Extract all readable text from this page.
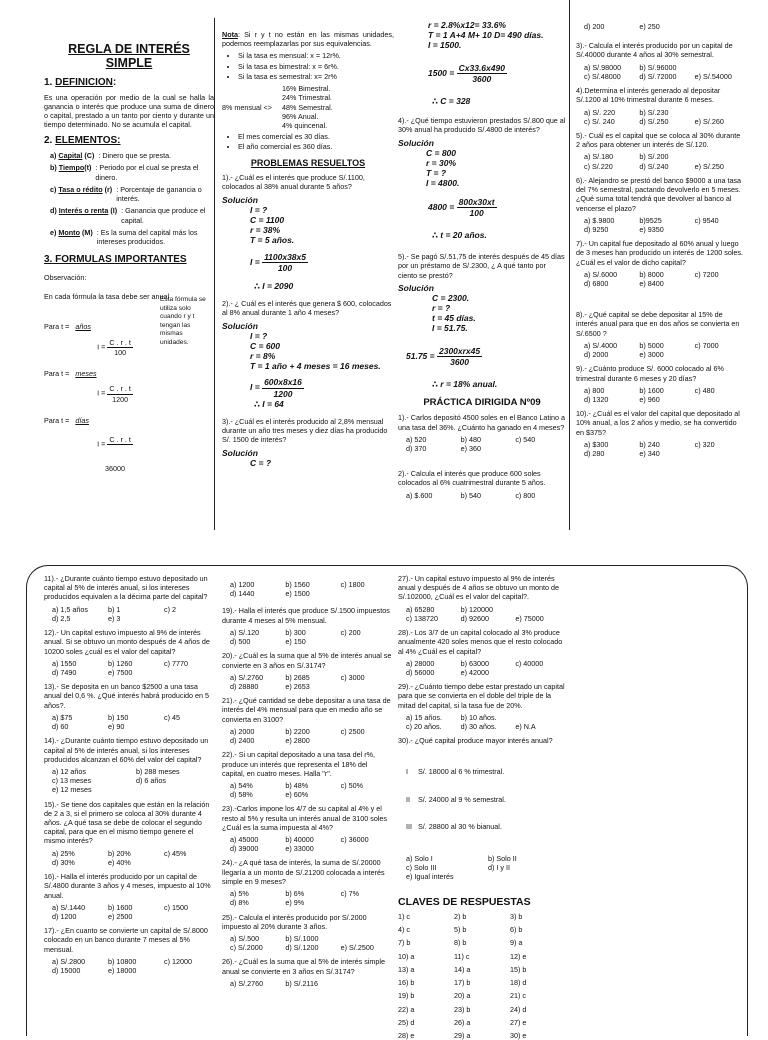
REGLA DE INTERÉS
SIMPLE
1. DEFINICION:

Es una operación por medio de la cual se halla la ganancia o interés que produce una suma de dinero o capital, prestado a un tanto por ciento y durante un tiempo determinado. No se acumula el capital.

2. ELEMENTOS:
a) Capital (C) : Dinero que se presta.
b) Tiempo(t) : Periodo por el cual se presta el dinero.
c) Tasa o rédito (r) : Porcentaje de ganancia o interés.
d) Interés o renta (I) : Ganancia que produce el capital.
e) Monto (M) : Es la suma del capital más los intereses producidos.
3. FORMULAS IMPORTANTES

Observación:

En cada fórmula la tasa debe ser anual

Para t = años
$I = \frac{C . r . t}{100}$
Para t = meses
$I = \frac{C . r . t}{1200}$
Para t = días
I =
C . r . t
36000
Esta fórmula se utiliza solo cuando r y t tengan las mismas unidades.

Nota: Si r y t no están en las mismas unidades, podemos reemplazarlas por sus equivalencias.

• Si la tasa es mensual: x = 12r%.
• Si la tasa es bimestral: x = 6r%.
• Si la tasa es semestral: x= 2r%
8% mensual <>
16% Bimestral.
24% Trimestral.
48% Semestral.
96% Anual.
4% quincenal.
• El mes comercial es 30 días.
• El año comercial es 360 días.
PROBLEMAS RESUELTOS

1).- ¿Cuál es el interés que produce S/.1100, colocados al 38% anual durante 5 años?

Solución
I = ?
C = 1100
r = 38%
T = 5 años.
$I = \frac{1100x38x5}{100}$
∴ I = 2090

2).- ¿ Cuál es el interés que genera $ 600, colocados al 8% anual durante 1 año 4 meses?

Solución
I = ?
C = 600
r = 8%
T = 1 año + 4 meses = 16 meses.
$I = \frac{600x8x16}{1200}$
∴ I = 64

3).- ¿Cuál es el interés producido al 2,8% mensual durante un año tres meses y diez días ha producido S/. 1500 de interés?

Solución
C = ?
r = 2.8%x12= 33.6%
T = 1 A+4 M+ 10 D= 490 días.
I = 1500.
$1500 = \frac{Cx33.6x490}{3600}$
∴ C = 328

4).- ¿Qué tiempo estuvieron prestados S/.800 que al 30% anual ha producido S/.4800 de interés?

Solución
C = 800
r = 30%
T = ?
I = 4800.
$4800 = \frac{800x30xt}{100}$
∴ t = 20 años.

5).- Se pagó S/.51,75 de interés después de 45 días por un préstamo de S/.2300, ¿ A qué tanto por ciento se prestó?

Solución
C = 2300.
r = ?
t = 45 días.
I = 51.75.
$51.75 = \frac{\text{2300xrx45}}{3600}$
∴ r = 18% anual.
PRÁCTICA DIRIGIDA Nº09

1).- Carlos depositó 4500 soles en el Banco Latino a una tasa del 36%. ¿Cuánto ha ganado en 4 meses?

a) 520	b) 480	c) 540
d) 370	e) 360

2).- Calcula el interés que produce 600 soles colocados al 6% cuatrimestral durante 5 años.

a) $.600	b) 540	c) 800
d) 200	e) 250

3).- Calcula el interés producido por un capital de S/.40000 durante 4 años al 30% semestral.

a) S/.98000	b) S/.96000
c) S/.48000	d) S/.72000	e) S/.54000

4).Determina el interés generado al depositar S/.1200 al 10% trimestral durante 6 meses.

a) S/. 220	b) S/.230
c) S/. 240	d) S/.250	e) S/.260

5).- Cuál es el capital que se coloca al 30% durante 2 años para obtener un interés de S/.120.

a) S/.180	b) S/.200
c) S/.220	d) S/.240	e) S/.250

6).- Alejandro se prestó del banco $9000 a una tasa del 7% semestral, pactando devolverlo en 5 meses. ¿Qué suma total tendrá que devolver al banco al vencerse el plazo?

a) $.9800	b)9525	c) 9540
d) 9250	e) 9350

7).- Un capital fue depositado al 60% anual y luego de 3 meses han producido un interés de 1200 soles. ¿Cuál es el valor de dicho capital?

a) S/.6000	b) 8000	c) 7200
d) 6800	e) 8400

8).- ¿Qué capital se debe depositar al 15% de interés anual para que en dos años se convierta en S/.6500 ?

a) S/.4000	b) 5000	c) 7000
d) 2000	e) 3000

9).- ¿Cuánto produce S/. 6000 colocado al 6% trimestral durante 6 meses y 20 días?

a) 800	b) 1600	c) 480
d) 1320	e) 960

10).- ¿Cuál es el valor del capital que depositado al 10% anual, a los 2 años y medio, se ha convertido en $375?

a) $300	b) 240	c) 320
d) 280	e) 340

11).- ¿Durante cuánto tiempo estuvo depositado un capital al 5% de interés anual, si los intereses producidos equivalen a la décima parte del capital?

a) 1,5 años	b) 1	c) 2
d) 2,5	e) 3

12).- Un capital estuvo impuesto al 9% de interés anual. Si se obtuvo un monto después de 4 años de 10200 soles ¿cuál es el valor del capital?

a) 1550	b) 1260	c) 7770
d) 7490	e) 7500

13).- Se deposita en un banco $2500 a una tasa anual del 0,6 %. ¿Qué interés habrá producido en 5 años?.

a) $75	b) 150	c) 45
d) 60	e) 90

14).- ¿Durante cuánto tiempo estuvo depositado un capital al 5% de interés anual, si los intereses producidos alcanzan el 60% del valor del capital?

a) 12 años	b) 288 meses
c) 13 meses	d) 6 años
e) 12 meses

15).- Se tiene dos capitales que están en la relación de 2 a 3, si el primero se coloca al 30% durante 4 años. ¿A qué tasa se debe de colocar el segundo capital, para que en el mismo tiempo genere el mismo interés?

a) 25%	b) 20%	c) 45%
d) 30%	e) 40%

16).- Halla el interés producido por un capital de S/.4800 durante 3 años y 4 meses, impuesto al 10% anual.

a) S/.1440	b) 1600	c) 1500
d) 1200	e) 2500

17).- ¿En cuanto se convierte un capital de S/.8000 colocado en un banco durante 7 meses al 5% mensual.

a) S/.2800	b) 10800	c) 12000
d) 15000	e) 18000
a) 1200	b) 1560	c) 1800
d) 1440	e) 1500

19).- Halla el interés que produce S/.1500 impuestos durante 4 meses al 5% mensual.

a) S/.120	b) 300	c) 200
d) 500	e) 150

20).- ¿Cuál es la suma que al 5% de interés anual se convierte en 3 años en S/.3174?

a) S/.2760	b) 2685	c) 3000
d) 28880	e) 2653

21).- ¿Qué cantidad se debe depositar a una tasa de interés del 4% mensual para que en medio año se convierta en 3100?

a) 2000	b) 2200	c) 2500
d) 2400	e) 2800

22).- Si un capital depositado a una tasa del r%, produce un interés que representa el 18% del capital, en cuatro meses. Halla "r".

a) 54%	b) 48%	c) 50%
d) 58%	e) 60%

23).-Carlos impone los 4/7 de su capital al 4% y el resto al 5% y resulta un interés anual de 3100 soles ¿Cuál es la suma impuesta al 4%?

a) 45000	b) 40000	c) 36000
d) 39000	e) 33000

24).- ¿A qué tasa de interés, la suma de S/.20000 llegaría a un monto de S/.21200 colocada a interés simple en 9 meses?

a) 5%	b) 6%	c) 7%
d) 8%	e) 9%

25).- Calcula el interés producido por S/.2000 impuesto al 20% durante 3 años.

a) S/.500	b) S/.1000
c) S/.2000	d) S/.1200	e) S/.2500

26).- ¿Cuál es la suma que al 5% de interés simple anual se convierte en 3 años en S/.3174?

a) S/.2760	b) S/.2116

27).- Un capital estuvo impuesto al 9% de interés anual y después de 4 años se obtuvo un monto de S/.102000, ¿Cuál es el valor del capital?.

a) 65280	b) 120000
c) 138720	d) 92600	e) 75000

28).- Los 3/7 de un capital colocado al 3% produce anualmente 420 soles menos que el resto colocado al 4% ¿Cuál es el capital?

a) 28000	b) 63000	c) 40000
d) 56000	e) 42000

29).- ¿Cuánto tiempo debe estar prestado un capital para que se convierta en el doble del triple de la mitad del capital, si la tasa fue de 20%.

a) 15 años.	b) 10 años.
c) 20 años.	d) 30 años.	e) N.A

30).- ¿Qué capital produce mayor interés anual?

I     S/. 18000 al 6 % trimestral.

II    S/. 24000 al 9 % semestral.

III   S/. 28800 al 30 % bianual.

a) Solo I	b) Solo II
c) Solo III	d) I y II
e) Igual interés
CLAVES DE RESPUESTAS
1) c	2) b	3) b
4) c	5) b	6) b
7) b	8) b	9) a
10) a	11) c	12) e
13) a	14) a	15) b
16) b	17) b	18) d
19) b	20) a	21) c
22) a	23) b	24) d
25) d	26) a	27) e
28) e	29) a	30) e
